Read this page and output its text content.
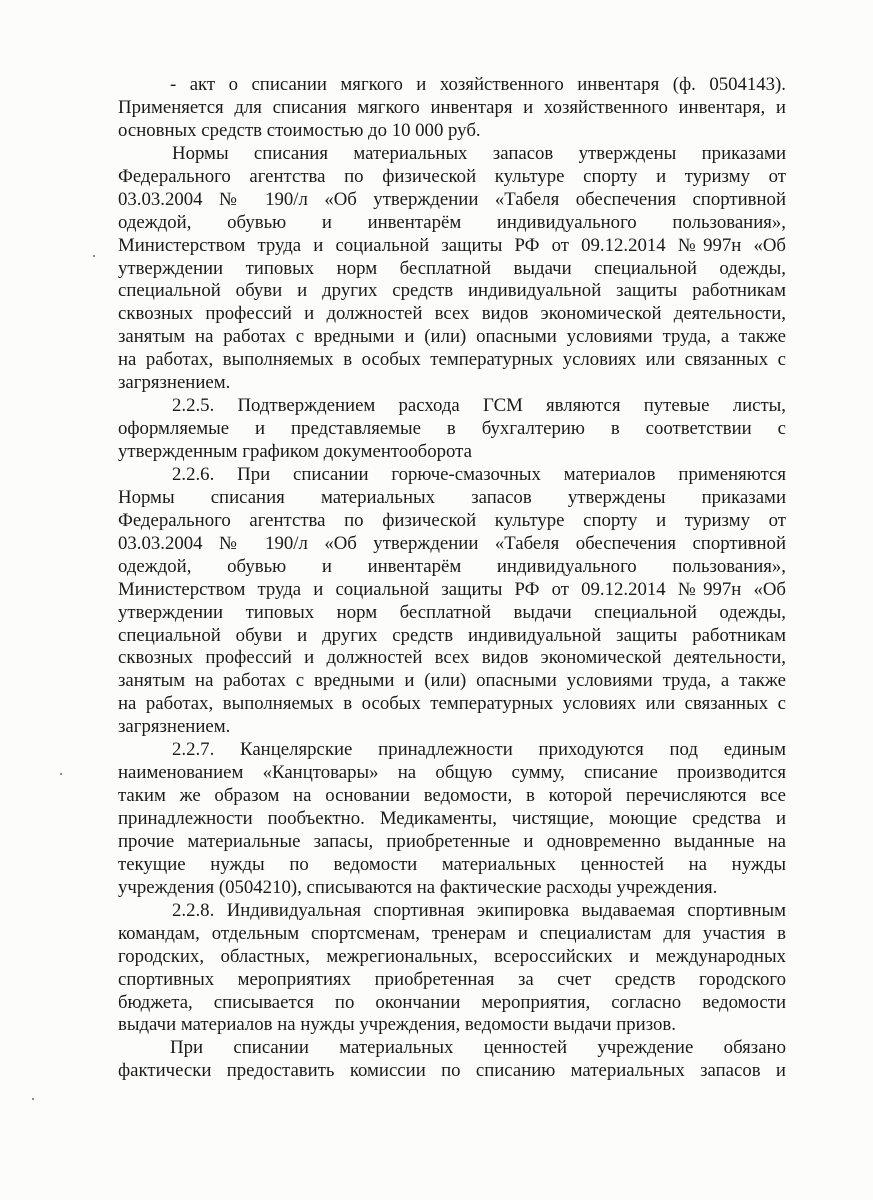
- акт о списании мягкого и хозяйственного инвентаря (ф. 0504143).
Применяется для списания мягкого инвентаря и хозяйственного инвентаря, и
основных средств стоимостью до 10 000 руб.
Нормы списания материальных запасов утверждены приказами
Федерального агентства по физической культуре спорту и туризму от
03.03.2004 № 190/л «Об утверждении «Табеля обеспечения спортивной
одеждой, обувью и инвентарём индивидуального пользования»,
Министерством труда и социальной защиты РФ от 09.12.2014 №997н «Об
утверждении типовых норм бесплатной выдачи специальной одежды,
специальной обуви и других средств индивидуальной защиты работникам
сквозных профессий и должностей всех видов экономической деятельности,
занятым на работах с вредными и (или) опасными условиями труда, а также
на работах, выполняемых в особых температурных условиях или связанных с
загрязнением.
2.2.5. Подтверждением расхода ГСМ являются путевые листы,
оформляемые и представляемые в бухгалтерию в соответствии с
утвержденным графиком документооборота
2.2.6. При списании горюче-смазочных материалов применяются
Нормы списания материальных запасов утверждены приказами
Федерального агентства по физической культуре спорту и туризму от
03.03.2004 № 190/л «Об утверждении «Табеля обеспечения спортивной
одеждой, обувью и инвентарём индивидуального пользования»,
Министерством труда и социальной защиты РФ от 09.12.2014 №997н «Об
утверждении типовых норм бесплатной выдачи специальной одежды,
специальной обуви и других средств индивидуальной защиты работникам
сквозных профессий и должностей всех видов экономической деятельности,
занятым на работах с вредными и (или) опасными условиями труда, а также
на работах, выполняемых в особых температурных условиях или связанных с
загрязнением.
2.2.7. Канцелярские принадлежности приходуются под единым
наименованием «Канцтовары» на общую сумму, списание производится
таким же образом на основании ведомости, в которой перечисляются все
принадлежности пообъектно. Медикаменты, чистящие, моющие средства и
прочие материальные запасы, приобретенные и одновременно выданные на
текущие нужды по ведомости материальных ценностей на нужды
учреждения (0504210), списываются на фактические расходы учреждения.
2.2.8. Индивидуальная спортивная экипировка выдаваемая спортивным
командам, отдельным спортсменам, тренерам и специалистам для участия в
городских, областных, межрегиональных, всероссийских и международных
спортивных мероприятиях приобретенная за счет средств городского
бюджета, списывается по окончании мероприятия, согласно ведомости
выдачи материалов на нужды учреждения, ведомости выдачи призов.
При списании материальных ценностей учреждение обязано
фактически предоставить комиссии по списанию материальных запасов и
